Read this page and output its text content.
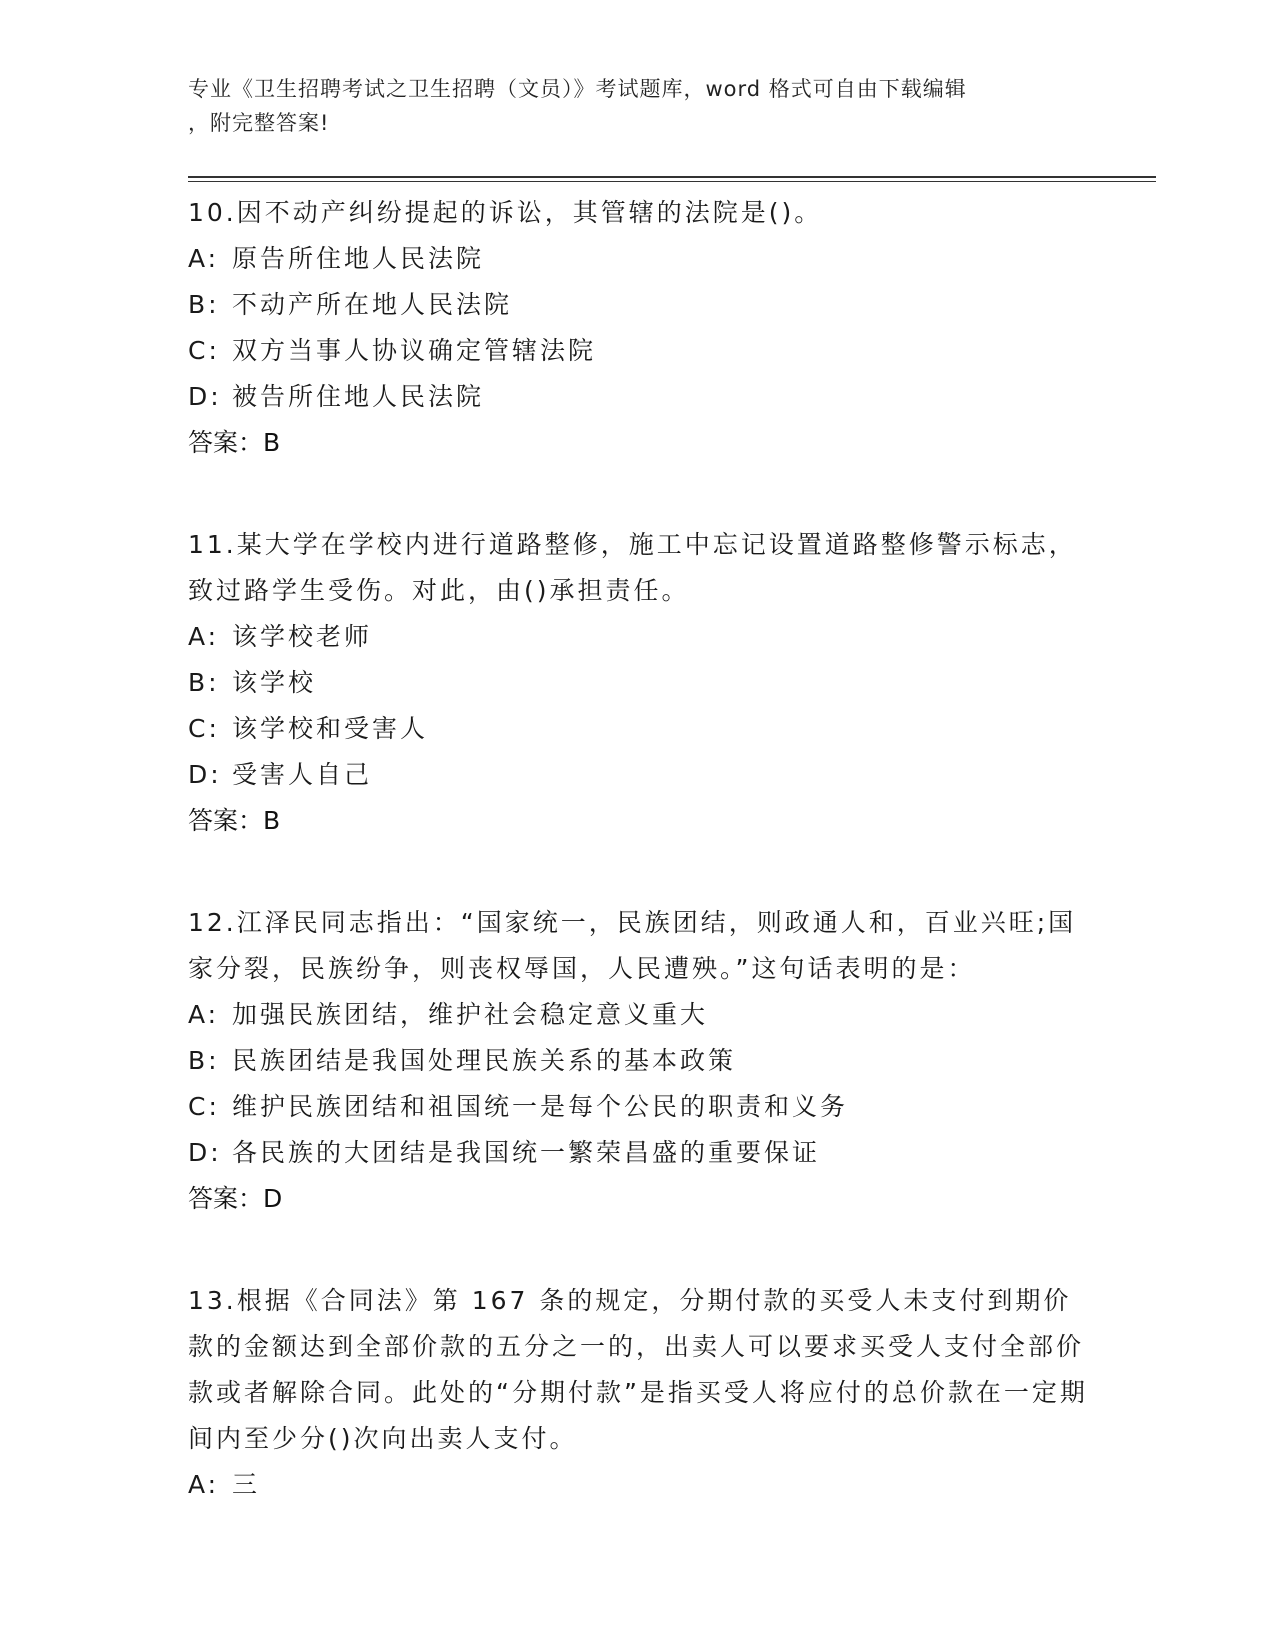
专业《卫生招聘考试之卫生招聘（文员）》考试题库，word 格式可自由下载编辑
，附完整答案!

10.因不动产纠纷提起的诉讼，其管辖的法院是()。

A: 原告所住地人民法院

B: 不动产所在地人民法院

C: 双方当事人协议确定管辖法院

D: 被告所住地人民法院

答案：B

11.某大学在学校内进行道路整修，施工中忘记设置道路整修警示标志，致过路学生受伤。对此，由()承担责任。

A: 该学校老师

B: 该学校

C: 该学校和受害人

D: 受害人自己

答案：B

12.江泽民同志指出：“国家统一，民族团结，则政通人和，百业兴旺;国家分裂，民族纷争，则丧权辱国，人民遭殃。”这句话表明的是：

A: 加强民族团结，维护社会稳定意义重大

B: 民族团结是我国处理民族关系的基本政策

C: 维护民族团结和祖国统一是每个公民的职责和义务

D: 各民族的大团结是我国统一繁荣昌盛的重要保证

答案：D

13.根据《合同法》第 167 条的规定，分期付款的买受人未支付到期价款的金额达到全部价款的五分之一的，出卖人可以要求买受人支付全部价款或者解除合同。此处的“分期付款”是指买受人将应付的总价款在一定期间内至少分()次向出卖人支付。

A: 三
